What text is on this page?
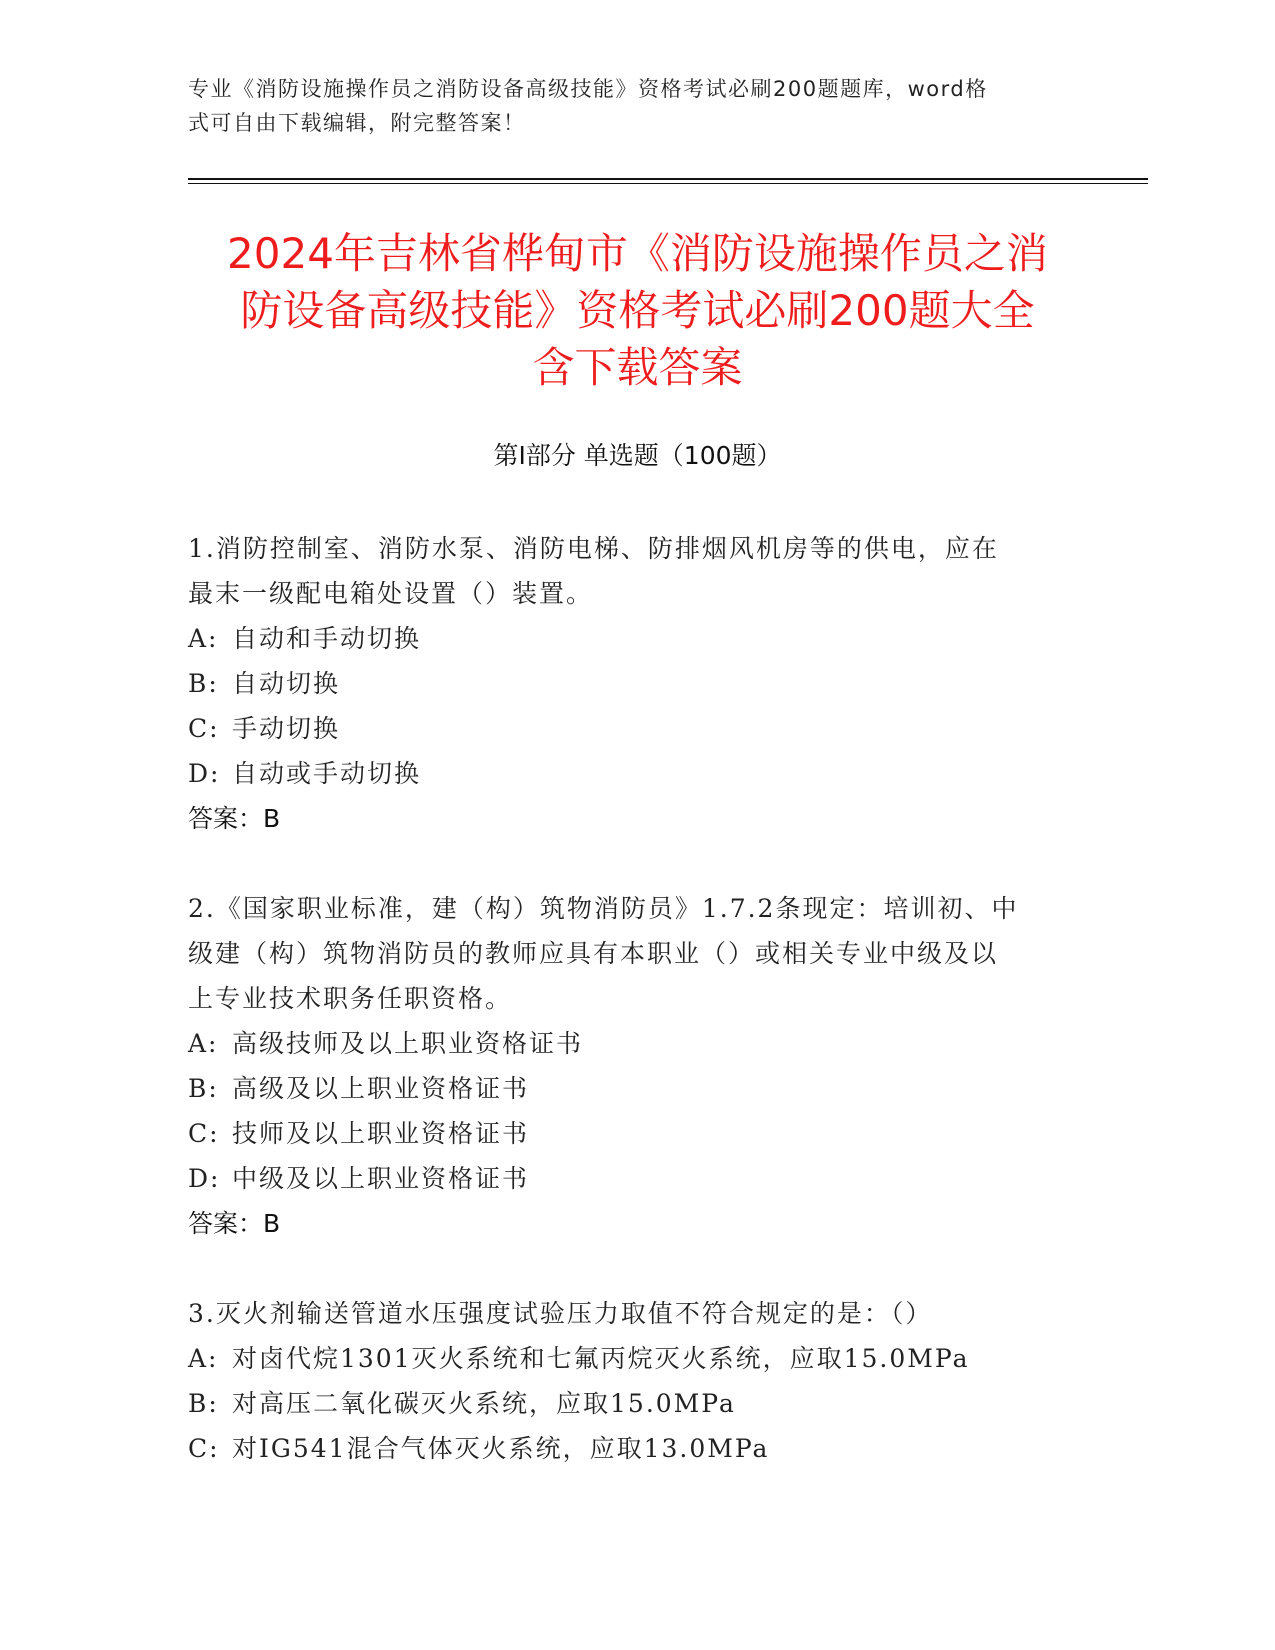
专业《消防设施操作员之消防设备高级技能》资格考试必刷200题题库，word格
式可自由下载编辑，附完整答案！
2024年吉林省桦甸市《消防设施操作员之消
防设备高级技能》资格考试必刷200题大全
含下载答案
第Ⅰ部分 单选题（100题）
1.消防控制室、消防水泵、消防电梯、防排烟风机房等的供电，应在
最末一级配电箱处设置（）装置。
A: 自动和手动切换
B: 自动切换
C: 手动切换
D: 自动或手动切换
答案：B
2.《国家职业标准，建（构）筑物消防员》1.7.2条现定：培训初、中
级建（构）筑物消防员的教师应具有本职业（）或相关专业中级及以
上专业技术职务任职资格。
A: 高级技师及以上职业资格证书
B: 高级及以上职业资格证书
C: 技师及以上职业资格证书
D: 中级及以上职业资格证书
答案：B
3.灭火剂输送管道水压强度试验压力取值不符合规定的是：（）
A: 对卤代烷1301灭火系统和七氟丙烷灭火系统，应取15.0MPa
B: 对高压二氧化碳灭火系统，应取15.0MPa
C: 对IG541混合气体灭火系统，应取13.0MPa
